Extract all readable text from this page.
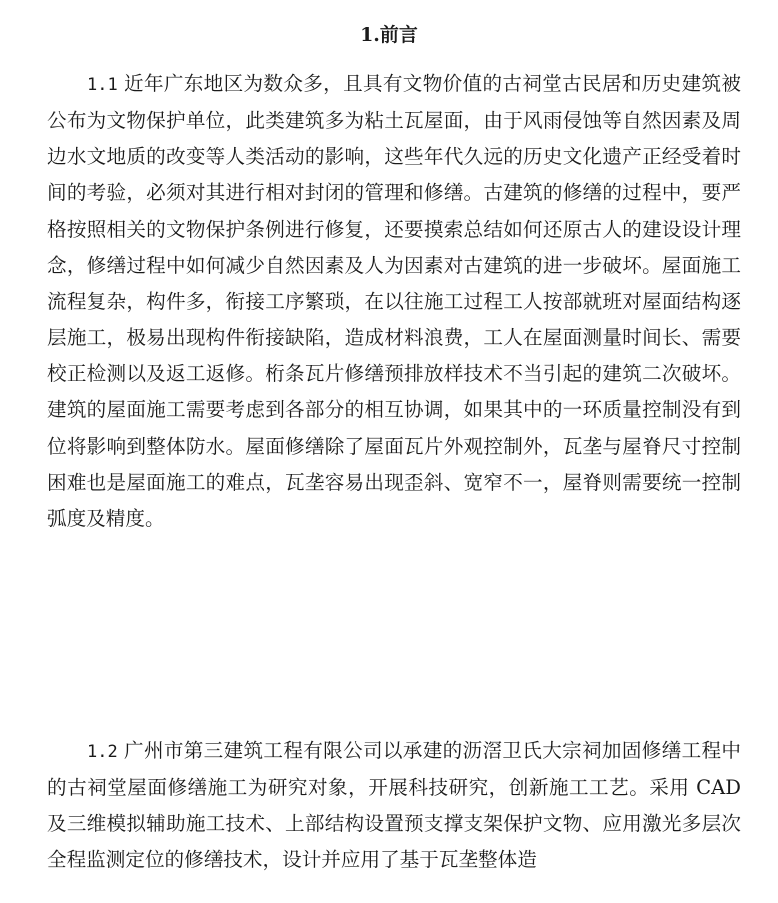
1.前言

1.1 近年广东地区为数众多，且具有文物价值的古祠堂古民居和历史建筑被公布为文物保护单位，此类建筑多为粘土瓦屋面，由于风雨侵蚀等自然因素及周边水文地质的改变等人类活动的影响，这些年代久远的历史文化遗产正经受着时间的考验，必须对其进行相对封闭的管理和修缮。古建筑的修缮的过程中，要严格按照相关的文物保护条例进行修复，还要摸索总结如何还原古人的建设设计理念，修缮过程中如何减少自然因素及人为因素对古建筑的进一步破坏。屋面施工流程复杂，构件多，衔接工序繁琐，在以往施工过程工人按部就班对屋面结构逐层施工，极易出现构件衔接缺陷，造成材料浪费，工人在屋面测量时间长、需要校正检测以及返工返修。桁条瓦片修缮预排放样技术不当引起的建筑二次破坏。建筑的屋面施工需要考虑到各部分的相互协调，如果其中的一环质量控制没有到位将影响到整体防水。屋面修缮除了屋面瓦片外观控制外，瓦垄与屋脊尺寸控制困难也是屋面施工的难点，瓦垄容易出现歪斜、宽窄不一，屋脊则需要统一控制弧度及精度。

1.2 广州市第三建筑工程有限公司以承建的沥滘卫氏大宗祠加固修缮工程中的古祠堂屋面修缮施工为研究对象，开展科技研究，创新施工工艺。采用 CAD 及三维模拟辅助施工技术、上部结构设置预支撑支架保护文物、应用激光多层次全程监测定位的修缮技术，设计并应用了基于瓦垄整体造
